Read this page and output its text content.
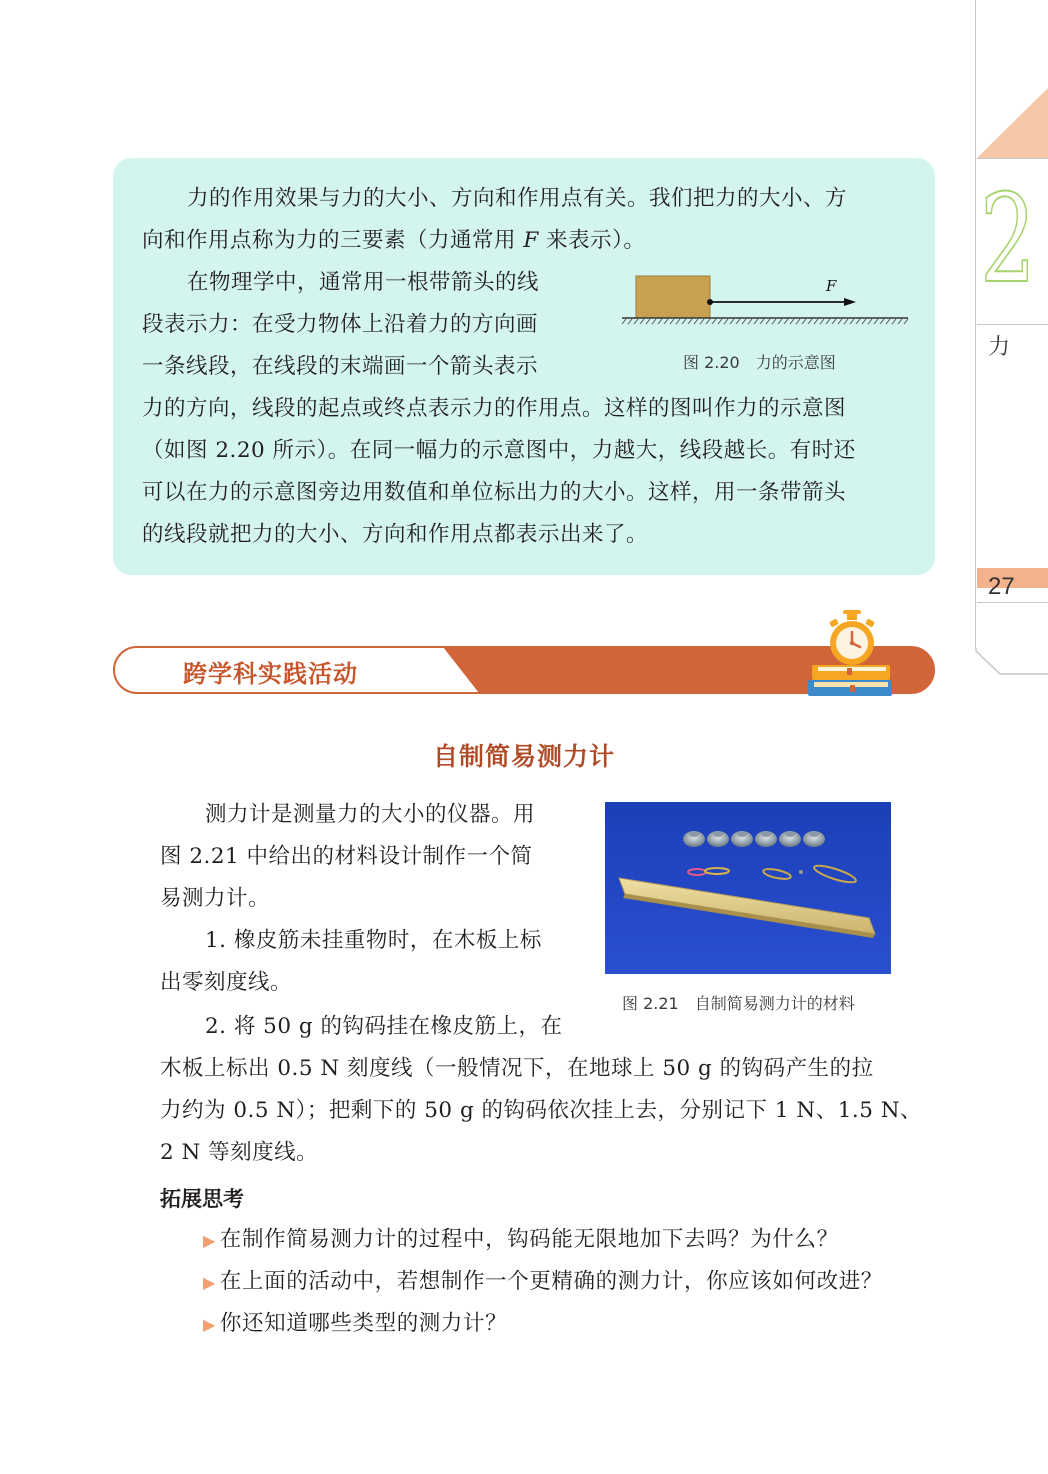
2
力
27

力的作用效果与力的大小、方向和作用点有关。我们把力的大小、方

向和作用点称为力的三要素（力通常用 F 来表示）。

在物理学中，通常用一根带箭头的线

段表示力：在受力物体上沿着力的方向画

一条线段，在线段的末端画一个箭头表示

力的方向，线段的起点或终点表示力的作用点。这样的图叫作力的示意图

（如图 2.20 所示）。在同一幅力的示意图中，力越大，线段越长。有时还

可以在力的示意图旁边用数值和单位标出力的大小。这样，用一条带箭头

的线段就把力的大小、方向和作用点都表示出来了。

F
图 2.20　力的示意图
跨学科实践活动
自制简易测力计

测力计是测量力的大小的仪器。用

图 2.21 中给出的材料设计制作一个简

易测力计。

1. 橡皮筋未挂重物时，在木板上标

出零刻度线。

2. 将 50 g 的钩码挂在橡皮筋上，在

木板上标出 0.5 N 刻度线（一般情况下，在地球上 50 g 的钩码产生的拉

力约为 0.5 N）；把剩下的 50 g 的钩码依次挂上去，分别记下 1 N、1.5 N、

2 N 等刻度线。

图 2.21　自制简易测力计的材料
拓展思考
▶ 在制作简易测力计的过程中，钩码能无限地加下去吗？为什么？
▶ 在上面的活动中，若想制作一个更精确的测力计，你应该如何改进？
▶ 你还知道哪些类型的测力计？
